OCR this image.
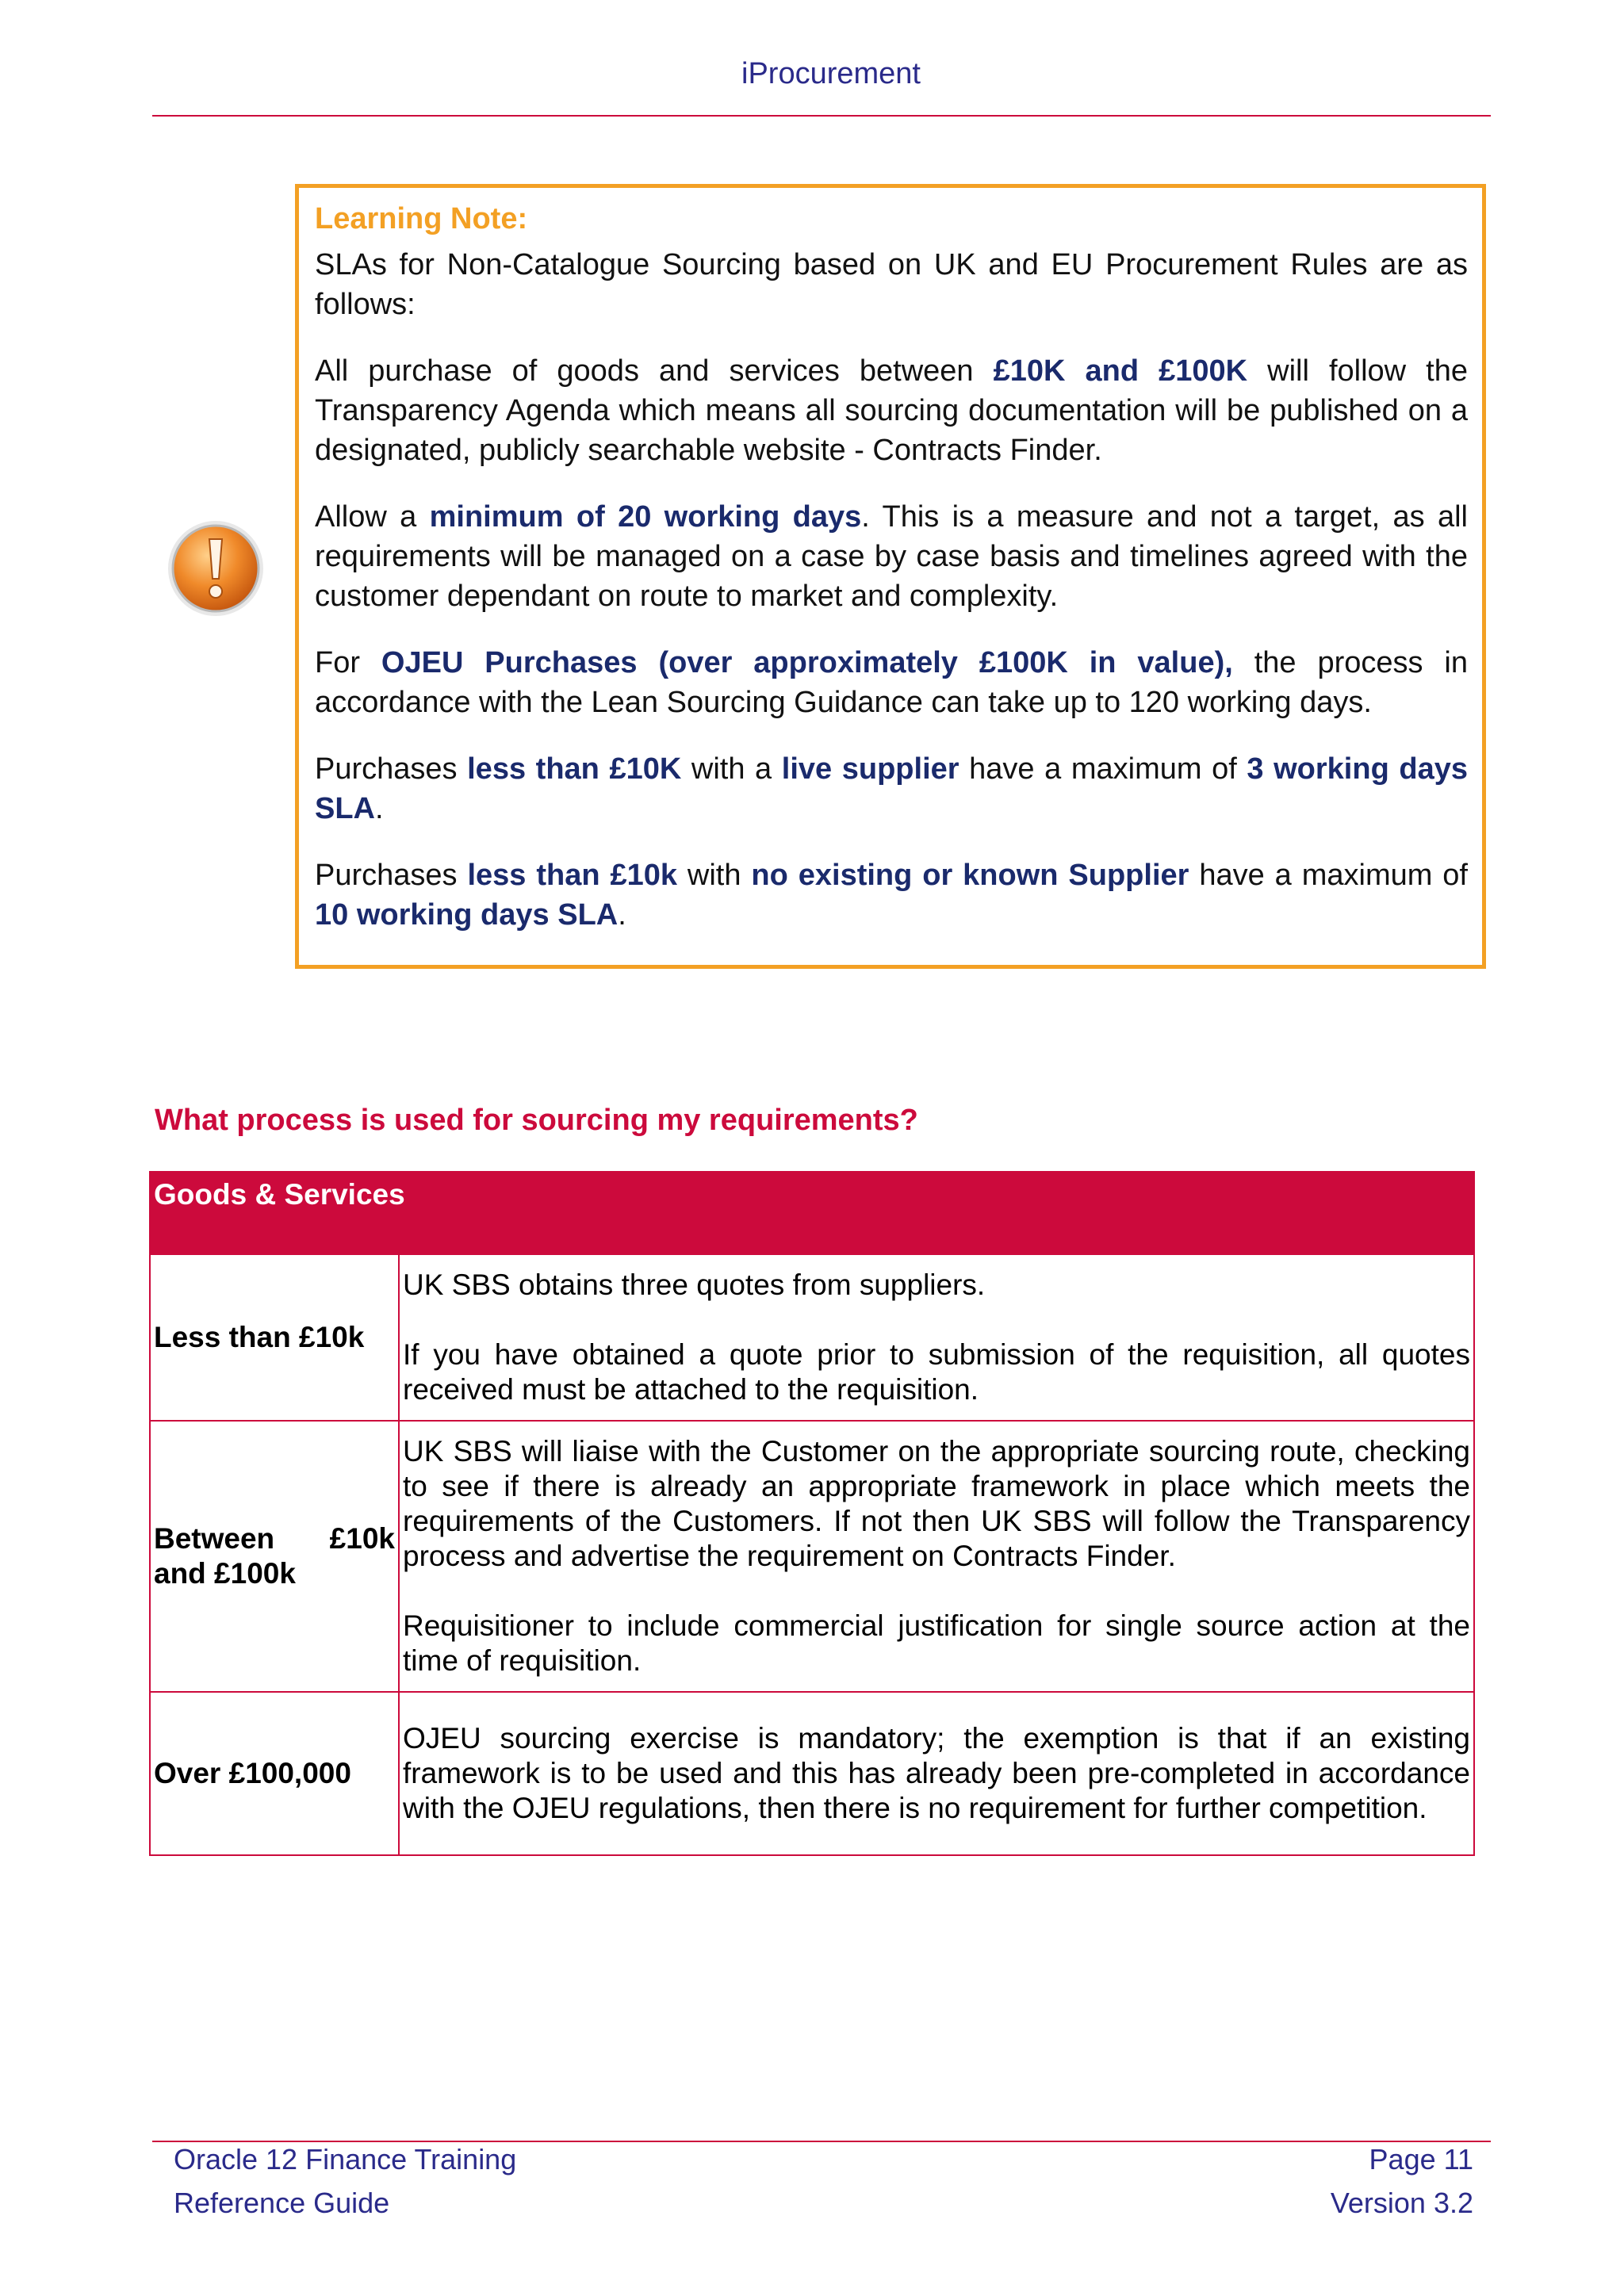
iProcurement
Learning Note:

SLAs for Non-Catalogue Sourcing based on UK and EU Procurement Rules are as follows:

All purchase of goods and services between £10K and £100K will follow the Transparency Agenda which means all sourcing documentation will be published on a designated, publicly searchable website - Contracts Finder.

Allow a minimum of 20 working days. This is a measure and not a target, as all requirements will be managed on a case by case basis and timelines agreed with the customer dependant on route to market and complexity.

For OJEU Purchases (over approximately £100K in value), the process in accordance with the Lean Sourcing Guidance can take up to 120 working days.

Purchases less than £10K with a live supplier have a maximum of 3 working days SLA.

Purchases less than £10k with no existing or known Supplier have a maximum of 10 working days SLA.

What process is used for sourcing my requirements?
Goods & Services	
Less than £10k	UK SBS obtains three quotes from suppliers.

If you have obtained a quote prior to submission of the requisition, all quotes received must be attached to the requisition.

Between £10k and £100k	UK SBS will liaise with the Customer on the appropriate sourcing route, checking to see if there is already an appropriate framework in place which meets the requirements of the Customers. If not then UK SBS will follow the Transparency process and advertise the requirement on Contracts Finder.

Requisitioner to include commercial justification for single source action at the time of requisition.

Over £100,000	OJEU sourcing exercise is mandatory; the exemption is that if an existing framework is to be used and this has already been pre-completed in accordance with the OJEU regulations, then there is no requirement for further competition.

Oracle 12 Finance Training
Reference Guide
Page 11
Version 3.2
